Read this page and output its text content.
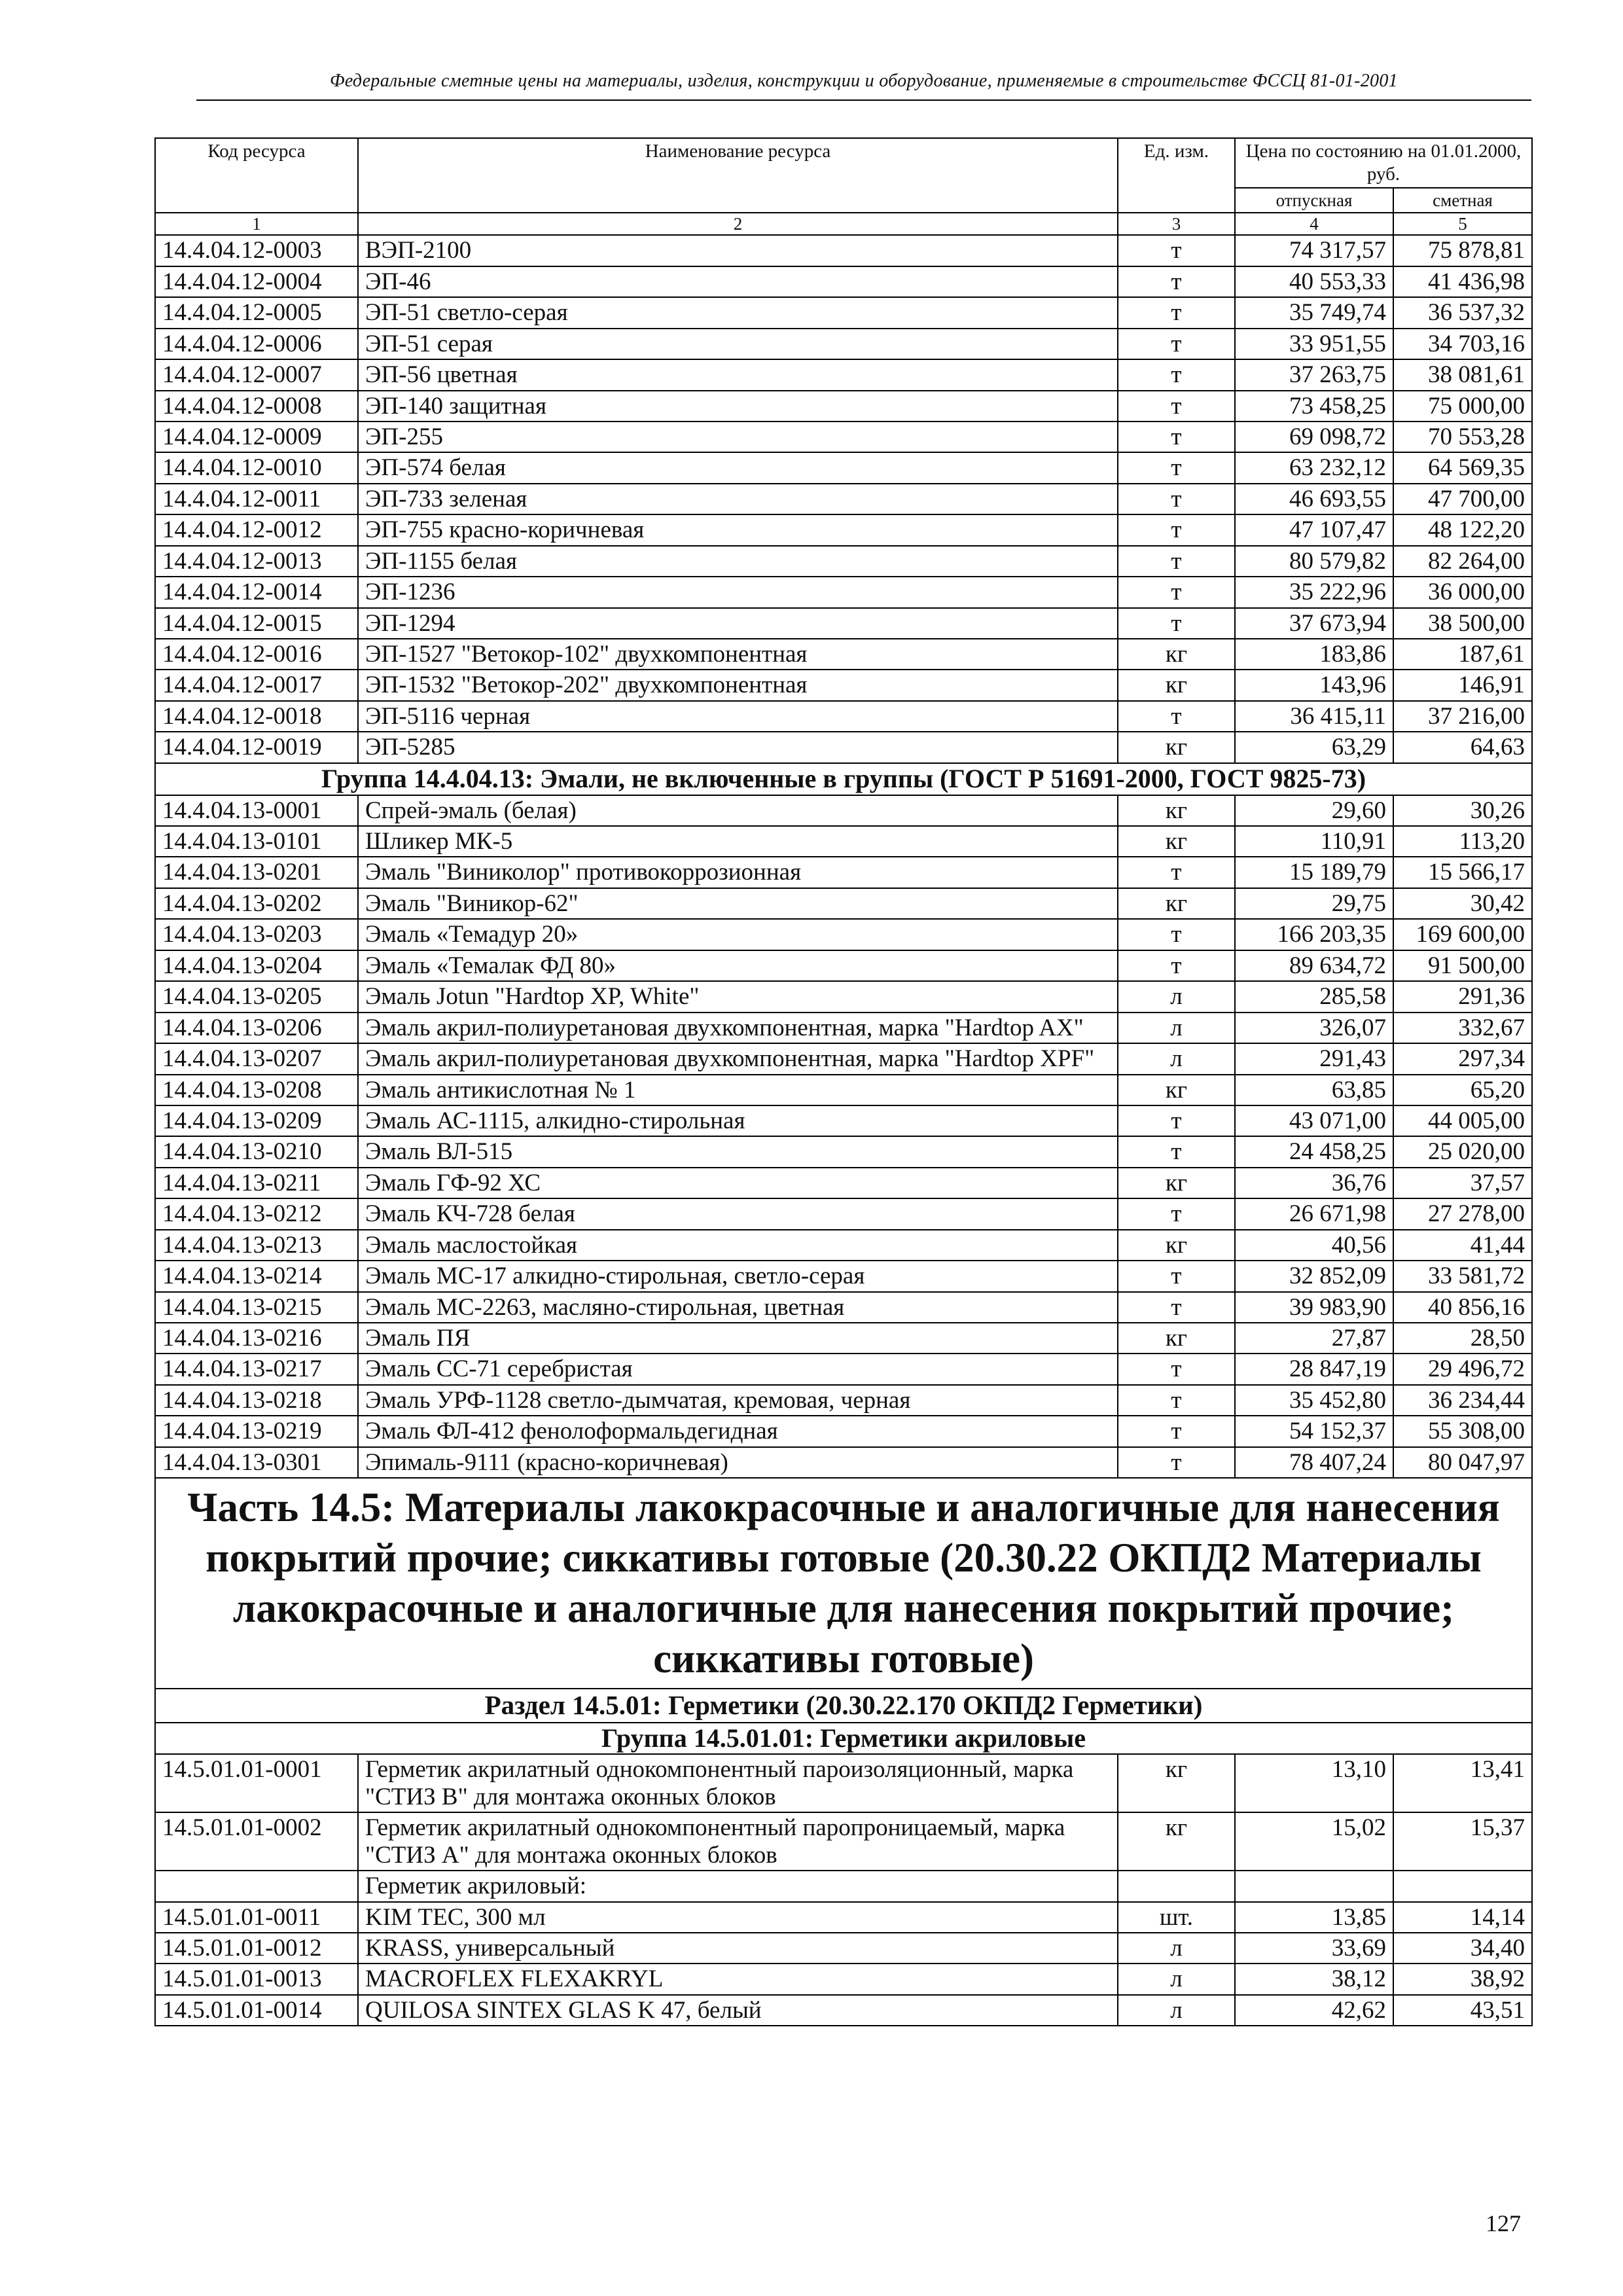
Федеральные сметные цены на материалы, изделия, конструкции и оборудование, применяемые в строительстве ФССЦ 81-01-2001
Код ресурса	Наименование ресурса	Ед. изм.	Цена по состоянию на 01.01.2000, руб.	
			отпускная	сметная
1	2	3	4	5
14.4.04.12-0003	ВЭП-2100	т	74 317,57	75 878,81
14.4.04.12-0004	ЭП-46	т	40 553,33	41 436,98
14.4.04.12-0005	ЭП-51 светло-серая	т	35 749,74	36 537,32
14.4.04.12-0006	ЭП-51 серая	т	33 951,55	34 703,16
14.4.04.12-0007	ЭП-56 цветная	т	37 263,75	38 081,61
14.4.04.12-0008	ЭП-140 защитная	т	73 458,25	75 000,00
14.4.04.12-0009	ЭП-255	т	69 098,72	70 553,28
14.4.04.12-0010	ЭП-574 белая	т	63 232,12	64 569,35
14.4.04.12-0011	ЭП-733 зеленая	т	46 693,55	47 700,00
14.4.04.12-0012	ЭП-755 красно-коричневая	т	47 107,47	48 122,20
14.4.04.12-0013	ЭП-1155 белая	т	80 579,82	82 264,00
14.4.04.12-0014	ЭП-1236	т	35 222,96	36 000,00
14.4.04.12-0015	ЭП-1294	т	37 673,94	38 500,00
14.4.04.12-0016	ЭП-1527 "Ветокор-102" двухкомпонентная	кг	183,86	187,61
14.4.04.12-0017	ЭП-1532 "Ветокор-202" двухкомпонентная	кг	143,96	146,91
14.4.04.12-0018	ЭП-5116 черная	т	36 415,11	37 216,00
14.4.04.12-0019	ЭП-5285	кг	63,29	64,63
Группа 14.4.04.13: Эмали, не включенные в группы (ГОСТ Р 51691-2000, ГОСТ 9825-73)				
14.4.04.13-0001	Спрей-эмаль (белая)	кг	29,60	30,26
14.4.04.13-0101	Шликер МК-5	кг	110,91	113,20
14.4.04.13-0201	Эмаль "Виниколор" противокоррозионная	т	15 189,79	15 566,17
14.4.04.13-0202	Эмаль "Виникор-62"	кг	29,75	30,42
14.4.04.13-0203	Эмаль «Темадур 20»	т	166 203,35	169 600,00
14.4.04.13-0204	Эмаль «Темалак ФД 80»	т	89 634,72	91 500,00
14.4.04.13-0205	Эмаль Jotun "Hardtop XP, White"	л	285,58	291,36
14.4.04.13-0206	Эмаль акрил-полиуретановая двухкомпонентная, марка "Hardtop AX"	л	326,07	332,67
14.4.04.13-0207	Эмаль акрил-полиуретановая двухкомпонентная, марка "Hardtop XPF"	л	291,43	297,34
14.4.04.13-0208	Эмаль антикислотная № 1	кг	63,85	65,20
14.4.04.13-0209	Эмаль АС-1115, алкидно-стирольная	т	43 071,00	44 005,00
14.4.04.13-0210	Эмаль ВЛ-515	т	24 458,25	25 020,00
14.4.04.13-0211	Эмаль ГФ-92 ХС	кг	36,76	37,57
14.4.04.13-0212	Эмаль КЧ-728 белая	т	26 671,98	27 278,00
14.4.04.13-0213	Эмаль маслостойкая	кг	40,56	41,44
14.4.04.13-0214	Эмаль МС-17 алкидно-стирольная, светло-серая	т	32 852,09	33 581,72
14.4.04.13-0215	Эмаль МС-2263, масляно-стирольная, цветная	т	39 983,90	40 856,16
14.4.04.13-0216	Эмаль ПЯ	кг	27,87	28,50
14.4.04.13-0217	Эмаль СС-71 серебристая	т	28 847,19	29 496,72
14.4.04.13-0218	Эмаль УРФ-1128 светло-дымчатая, кремовая, черная	т	35 452,80	36 234,44
14.4.04.13-0219	Эмаль ФЛ-412 фенолоформальдегидная	т	54 152,37	55 308,00
14.4.04.13-0301	Эпималь-9111 (красно-коричневая)	т	78 407,24	80 047,97
Часть 14.5: Материалы лакокрасочные и аналогичные для нанесения покрытий прочие; сиккативы готовые (20.30.22 ОКПД2 Материалы лакокрасочные и аналогичные для нанесения покрытий прочие; сиккативы готовые)				
Раздел 14.5.01: Герметики (20.30.22.170 ОКПД2 Герметики)				
Группа 14.5.01.01: Герметики акриловые				
14.5.01.01-0001	Герметик акрилатный однокомпонентный пароизоляционный, марка "СТИЗ В" для монтажа оконных блоков	кг	13,10	13,41
14.5.01.01-0002	Герметик акрилатный однокомпонентный паропроницаемый, марка "СТИЗ А" для монтажа оконных блоков	кг	15,02	15,37
	Герметик акриловый:			
14.5.01.01-0011	KIM TEC, 300 мл	шт.	13,85	14,14
14.5.01.01-0012	KRASS, универсальный	л	33,69	34,40
14.5.01.01-0013	MACROFLEX FLEXAKRYL	л	38,12	38,92
14.5.01.01-0014	QUILOSA SINTEX GLAS K 47, белый	л	42,62	43,51
127
